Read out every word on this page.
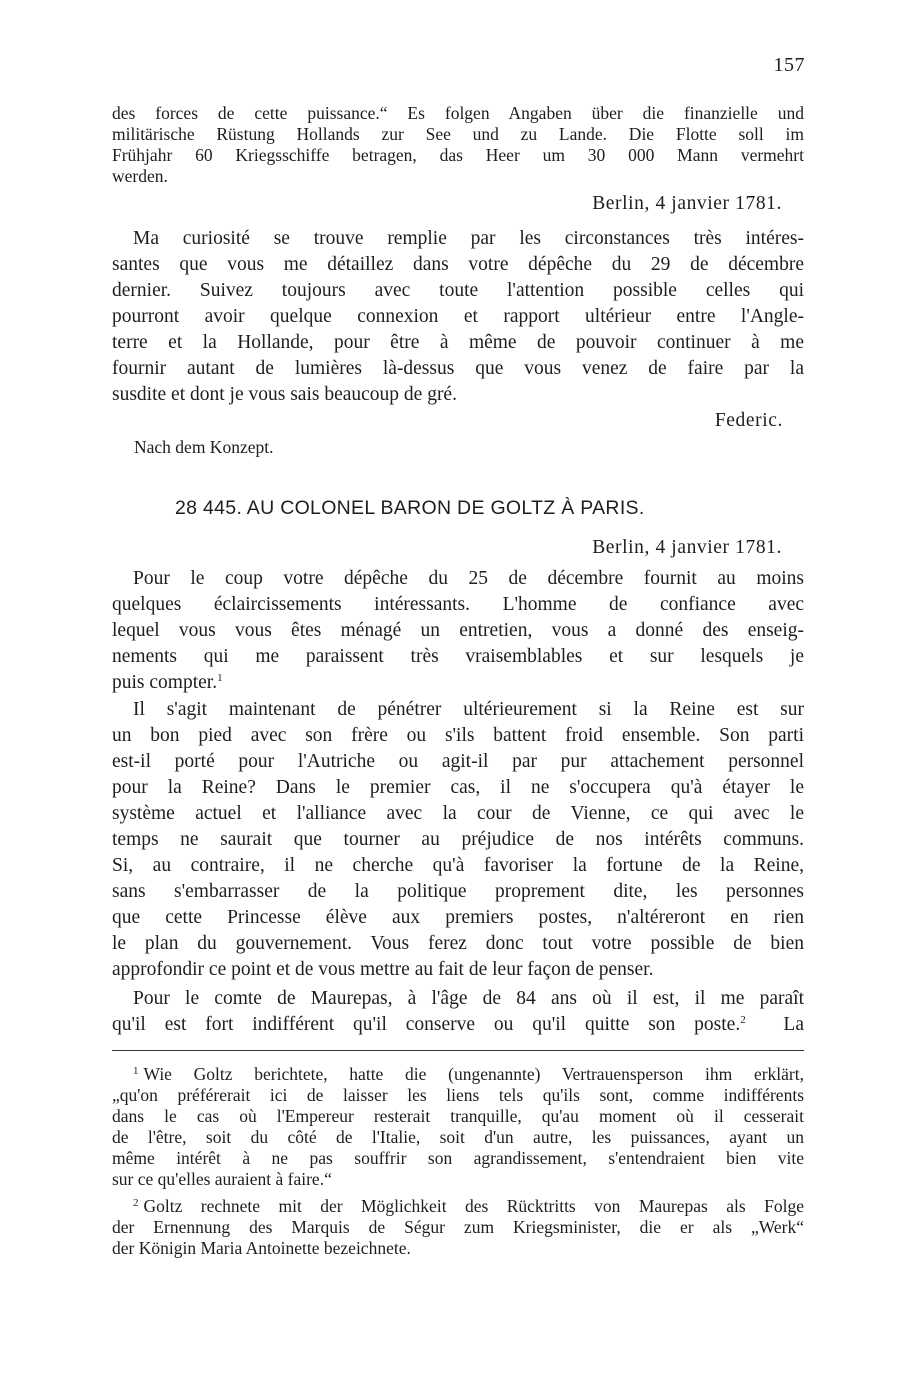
157
des forces de cette puissance.“ Es folgen Angaben über die finanzielle und
militärische Rüstung Hollands zur See und zu Lande. Die Flotte soll im
Frühjahr 60 Kriegsschiffe betragen, das Heer um 30 000 Mann vermehrt
werden.
Berlin, 4 janvier 1781.
Ma curiosité se trouve remplie par les circonstances très intéres-
santes que vous me détaillez dans votre dépêche du 29 de décembre
dernier. Suivez toujours avec toute l'attention possible celles qui
pourront avoir quelque connexion et rapport ultérieur entre l'Angle-
terre et la Hollande, pour être à même de pouvoir continuer à me
fournir autant de lumières là-dessus que vous venez de faire par la
susdite et dont je vous sais beaucoup de gré.
Federic.
Nach dem Konzept.
28 445. AU COLONEL BARON DE GOLTZ À PARIS.
Berlin, 4 janvier 1781.
Pour le coup votre dépêche du 25 de décembre fournit au moins
quelques éclaircissements intéressants. L'homme de confiance avec
lequel vous vous êtes ménagé un entretien, vous a donné des enseig-
nements qui me paraissent très vraisemblables et sur lesquels je
puis compter.$^1$
Il s'agit maintenant de pénétrer ultérieurement si la Reine est sur
un bon pied avec son frère ou s'ils battent froid ensemble. Son parti
est-il porté pour l'Autriche ou agit-il par pur attachement personnel
pour la Reine? Dans le premier cas, il ne s'occupera qu'à étayer le
système actuel et l'alliance avec la cour de Vienne, ce qui avec le
temps ne saurait que tourner au préjudice de nos intérêts communs.
Si, au contraire, il ne cherche qu'à favoriser la fortune de la Reine,
sans s'embarrasser de la politique proprement dite, les personnes
que cette Princesse élève aux premiers postes, n'altéreront en rien
le plan du gouvernement. Vous ferez donc tout votre possible de bien
approfondir ce point et de vous mettre au fait de leur façon de penser.
Pour le comte de Maurepas, à l'âge de 84 ans où il est, il me paraît
qu'il est fort indifférent qu'il conserve ou qu'il quitte son poste.$^2$ La
$^1$ Wie Goltz berichtete, hatte die (ungenannte) Vertrauensperson ihm erklärt,
„qu'on préférerait ici de laisser les liens tels qu'ils sont, comme indifférents
dans le cas où l'Empereur resterait tranquille, qu'au moment où il cesserait
de l'être, soit du côté de l'Italie, soit d'un autre, les puissances, ayant un
même intérêt à ne pas souffrir son agrandissement, s'entendraient bien vite
sur ce qu'elles auraient à faire.“
$^2$ Goltz rechnete mit der Möglichkeit des Rücktritts von Maurepas als Folge
der Ernennung des Marquis de Ségur zum Kriegsminister, die er als „Werk“
der Königin Maria Antoinette bezeichnete.
